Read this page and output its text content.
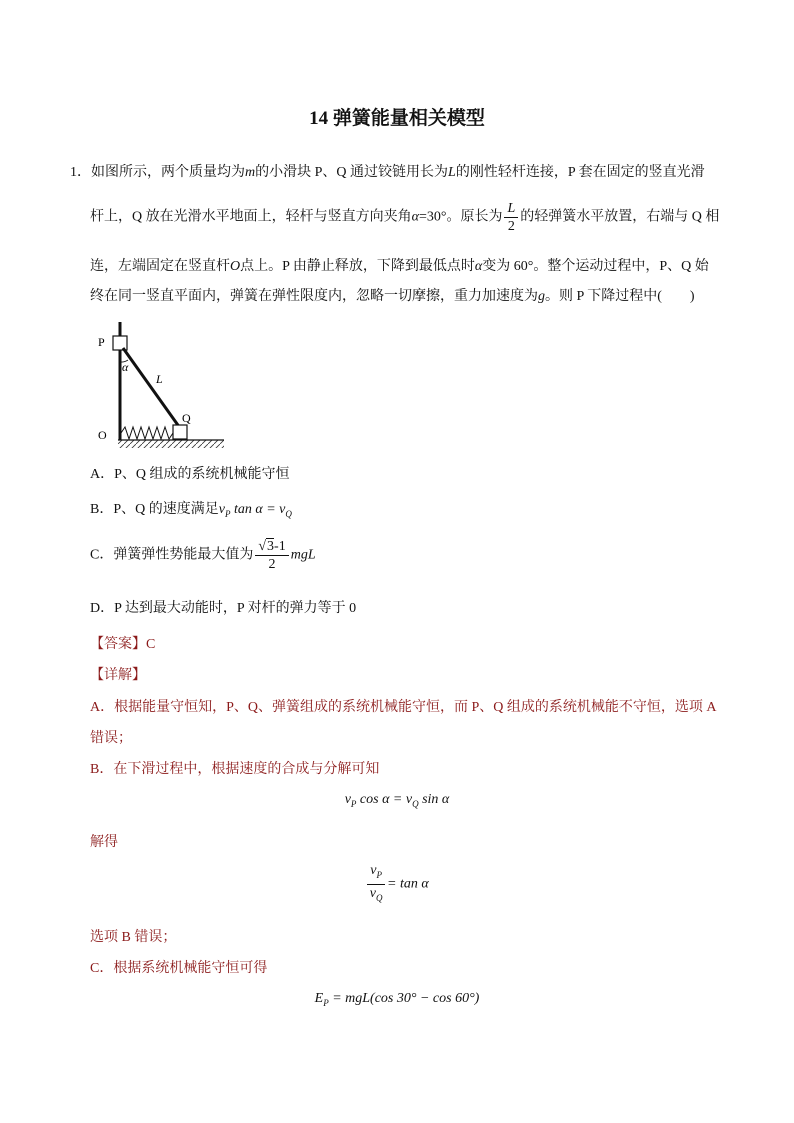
14 弹簧能量相关模型
1．如图所示，两个质量均为m的小滑块 P、Q 通过铰链用长为L的刚性轻杆连接，P 套在固定的竖直光滑
杆上，Q 放在光滑水平地面上，轻杆与竖直方向夹角α=30°。原长为 $\frac{L}{2}$ 的轻弹簧水平放置，右端与 Q 相
连，左端固定在竖直杆O点上。P 由静止释放，下降到最低点时α变为 60°。整个运动过程中，P、Q 始
终在同一竖直平面内，弹簧在弹性限度内，忽略一切摩擦，重力加速度为g。则 P 下降过程中(　　)
P
Q
O
α
L
A．P、Q 组成的系统机械能守恒
B．P、Q 的速度满足$v_P$ $\tan \alpha = v_Q$
C．弹簧弹性势能最大值为 $\frac{√3-1}{2}$ mgL
D．P 达到最大动能时，P 对杆的弹力等于 0
【答案】C
【详解】
A．根据能量守恒知，P、Q、弹簧组成的系统机械能守恒，而 P、Q 组成的系统机械能不守恒，选项 A
错误；
B．在下滑过程中，根据速度的合成与分解可知
$v_P$ $\cos \alpha = v_Q$ sin α
解得
$\frac{v_P}{v_Q} = \tan \alpha$
选项 B 错误；
C．根据系统机械能守恒可得
$E_P = mgL(\cos$ 30° − cos 60°)
